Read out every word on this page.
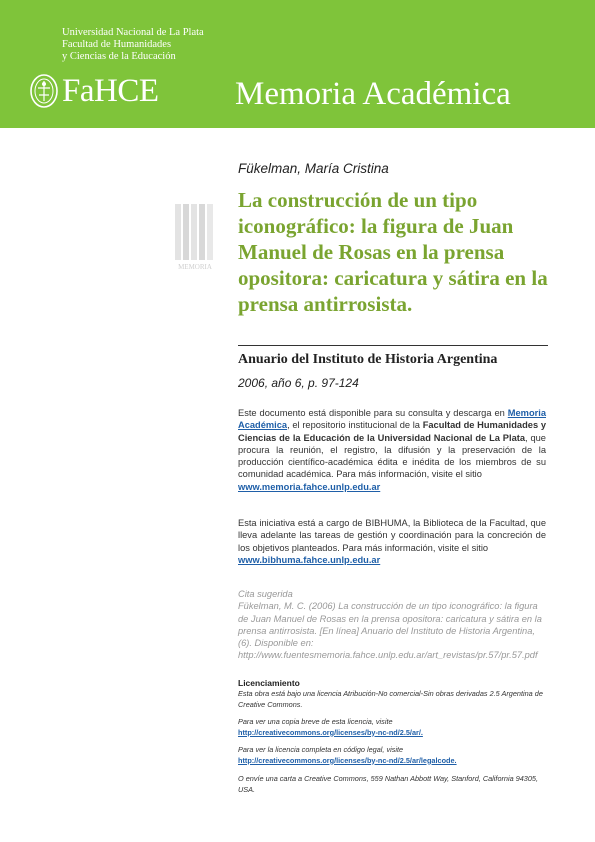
Universidad Nacional de La Plata
Facultad de Humanidades
y Ciencias de la Educación
FaHCE Memoria Académica
MEMORIA
Fükelman, María Cristina
La construcción de un tipo iconográfico: la figura de Juan Manuel de Rosas en la prensa opositora: caricatura y sátira en la prensa antirrosista.
Anuario del Instituto de Historia Argentina
2006, año 6, p. 97-124
Este documento está disponible para su consulta y descarga en Memoria Académica, el repositorio institucional de la Facultad de Humanidades y Ciencias de la Educación de la Universidad Nacional de La Plata, que procura la reunión, el registro, la difusión y la preservación de la producción científico-académica édita e inédita de los miembros de su comunidad académica. Para más información, visite el sitio
www.memoria.fahce.unlp.edu.ar
Esta iniciativa está a cargo de BIBHUMA, la Biblioteca de la Facultad, que lleva adelante las tareas de gestión y coordinación para la concreción de los objetivos planteados. Para más información, visite el sitio
www.bibhuma.fahce.unlp.edu.ar
Cita sugerida
Fükelman, M. C. (2006) La construcción de un tipo iconográfico: la figura de Juan Manuel de Rosas en la prensa opositora: caricatura y sátira en la prensa antirrosista. [En línea] Anuario del Instituto de Historia Argentina, (6). Disponible en: http://www.fuentesmemoria.fahce.unlp.edu.ar/art_revistas/pr.57/pr.57.pdf
Licenciamiento
Esta obra está bajo una licencia Atribución-No comercial-Sin obras derivadas 2.5 Argentina de Creative Commons.
Para ver una copia breve de esta licencia, visite
http://creativecommons.org/licenses/by-nc-nd/2.5/ar/.
Para ver la licencia completa en código legal, visite
http://creativecommons.org/licenses/by-nc-nd/2.5/ar/legalcode.
O envíe una carta a Creative Commons, 559 Nathan Abbott Way, Stanford, California 94305, USA.
